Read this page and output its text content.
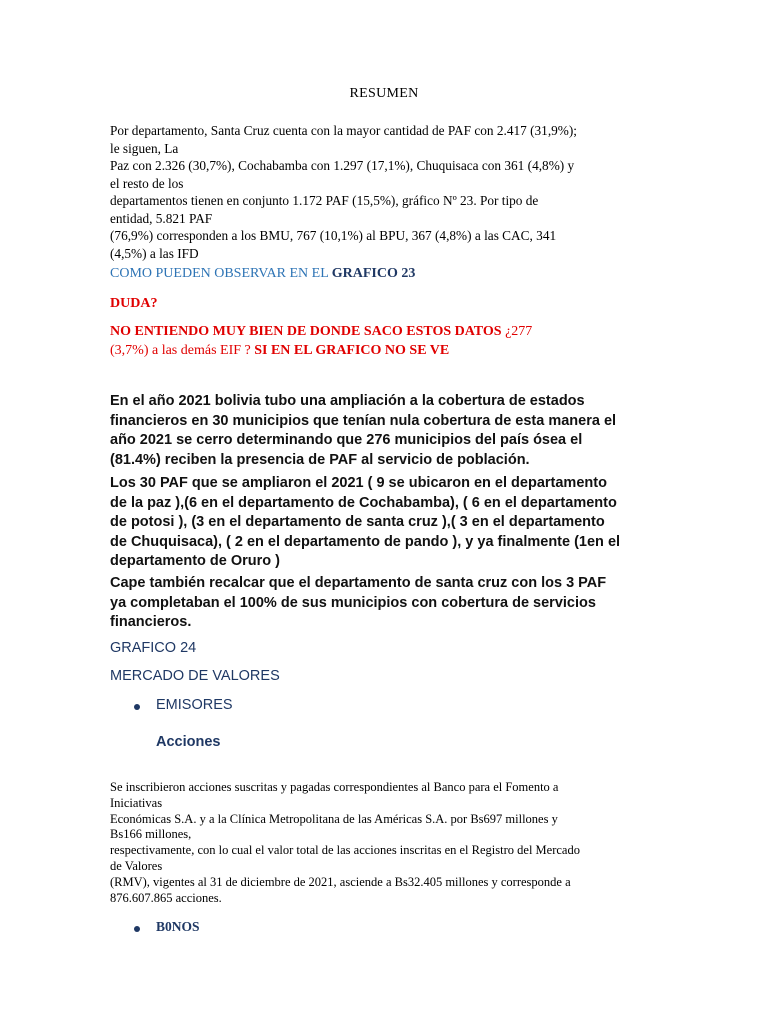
RESUMEN
Por departamento, Santa Cruz cuenta con la mayor cantidad de PAF con 2.417 (31,9%);
le siguen, La
Paz con 2.326 (30,7%), Cochabamba con 1.297 (17,1%), Chuquisaca con 361 (4,8%) y
el resto de los
departamentos tienen en conjunto 1.172 PAF (15,5%), gráfico Nº 23. Por tipo de
entidad, 5.821 PAF
(76,9%) corresponden a los BMU, 767 (10,1%) al BPU, 367 (4,8%) a las CAC, 341
(4,5%) a las IFD
COMO PUEDEN OBSERVAR EN EL GRAFICO 23
DUDA?
NO ENTIENDO MUY BIEN DE DONDE SACO ESTOS DATOS ¿277
(3,7%) a las demás EIF ? SI EN EL GRAFICO NO SE VE
En el año 2021 bolivia tubo una ampliación a la cobertura de estados
financieros en 30 municipios que tenían nula cobertura de esta manera el
año 2021 se cerro determinando que 276 municipios del país ósea el
(81.4%) reciben la presencia de PAF al servicio de población.
Los 30 PAF que se ampliaron el 2021 ( 9 se ubicaron en el departamento
de la paz ),(6 en el departamento de Cochabamba), ( 6 en el departamento
de potosi ), (3 en el departamento de santa cruz ),( 3 en el departamento
de Chuquisaca), ( 2 en el departamento de pando ), y ya finalmente (1en el
departamento de Oruro )
Cape también recalcar que el departamento de santa cruz con los 3 PAF
ya completaban el 100% de sus municipios con cobertura de servicios
financieros.
GRAFICO 24
MERCADO DE VALORES
EMISORES
Acciones
Se inscribieron acciones suscritas y pagadas correspondientes al Banco para el Fomento a
Iniciativas
Económicas S.A. y a la Clínica Metropolitana de las Américas S.A. por Bs697 millones y
Bs166 millones,
respectivamente, con lo cual el valor total de las acciones inscritas en el Registro del Mercado
de Valores
(RMV), vigentes al 31 de diciembre de 2021, asciende a Bs32.405 millones y corresponde a
876.607.865 acciones.
B0NOS
